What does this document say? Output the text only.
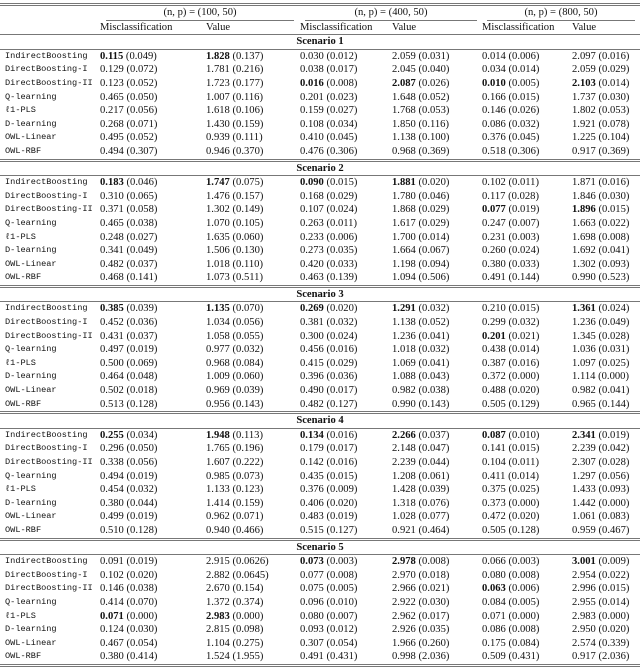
	(n, p) = (100, 50)		(n, p) = (400, 50)		(n, p) = (800, 50)	
	Misclassification	Value	Misclassification	Value	Misclassification	Value
Scenario 1						
IndirectBoosting	0.115 (0.049)	1.828 (0.137)	0.030 (0.012)	2.059 (0.031)	0.014 (0.006)	2.097 (0.016)
DirectBoosting-I	0.129 (0.072)	1.781 (0.216)	0.038 (0.017)	2.045 (0.040)	0.034 (0.014)	2.059 (0.029)
DirectBoosting-II	0.123 (0.052)	1.723 (0.177)	0.016 (0.008)	2.087 (0.026)	0.010 (0.005)	2.103 (0.014)
Q-learning	0.465 (0.050)	1.007 (0.116)	0.201 (0.023)	1.648 (0.052)	0.166 (0.015)	1.737 (0.030)
ℓ1-PLS	0.217 (0.056)	1.618 (0.106)	0.159 (0.027)	1.768 (0.053)	0.146 (0.026)	1.802 (0.053)
D-learning	0.268 (0.071)	1.430 (0.159)	0.108 (0.034)	1.850 (0.116)	0.086 (0.032)	1.921 (0.078)
OWL-Linear	0.495 (0.052)	0.939 (0.111)	0.410 (0.045)	1.138 (0.100)	0.376 (0.045)	1.225 (0.104)
OWL-RBF	0.494 (0.307)	0.946 (0.370)	0.476 (0.306)	0.968 (0.369)	0.518 (0.306)	0.917 (0.369)
Scenario 2						
IndirectBoosting	0.183 (0.046)	1.747 (0.075)	0.090 (0.015)	1.881 (0.020)	0.102 (0.011)	1.871 (0.016)
DirectBoosting-I	0.310 (0.065)	1.476 (0.157)	0.168 (0.029)	1.780 (0.046)	0.117 (0.028)	1.846 (0.030)
DirectBoosting-II	0.371 (0.058)	1.302 (0.149)	0.107 (0.024)	1.868 (0.029)	0.077 (0.019)	1.896 (0.015)
Q-learning	0.465 (0.038)	1.070 (0.105)	0.263 (0.011)	1.617 (0.029)	0.247 (0.007)	1.663 (0.022)
ℓ1-PLS	0.248 (0.027)	1.635 (0.060)	0.233 (0.006)	1.700 (0.014)	0.231 (0.003)	1.698 (0.008)
D-learning	0.341 (0.049)	1.506 (0.130)	0.273 (0.035)	1.664 (0.067)	0.260 (0.024)	1.692 (0.041)
OWL-Linear	0.482 (0.037)	1.018 (0.110)	0.420 (0.033)	1.198 (0.094)	0.380 (0.033)	1.302 (0.093)
OWL-RBF	0.468 (0.141)	1.073 (0.511)	0.463 (0.139)	1.094 (0.506)	0.491 (0.144)	0.990 (0.523)
Scenario 3						
IndirectBoosting	0.385 (0.039)	1.135 (0.070)	0.269 (0.020)	1.291 (0.032)	0.210 (0.015)	1.361 (0.024)
DirectBoosting-I	0.452 (0.036)	1.034 (0.056)	0.381 (0.032)	1.138 (0.052)	0.299 (0.032)	1.236 (0.049)
DirectBoosting-II	0.431 (0.037)	1.058 (0.055)	0.300 (0.024)	1.236 (0.041)	0.201 (0.021)	1.345 (0.028)
Q-learning	0.497 (0.019)	0.977 (0.032)	0.456 (0.016)	1.018 (0.032)	0.438 (0.014)	1.036 (0.031)
ℓ1-PLS	0.500 (0.069)	0.968 (0.084)	0.415 (0.029)	1.069 (0.041)	0.387 (0.016)	1.097 (0.025)
D-learning	0.464 (0.048)	1.009 (0.060)	0.396 (0.036)	1.088 (0.043)	0.372 (0.000)	1.114 (0.000)
OWL-Linear	0.502 (0.018)	0.969 (0.039)	0.490 (0.017)	0.982 (0.038)	0.488 (0.020)	0.982 (0.041)
OWL-RBF	0.513 (0.128)	0.956 (0.143)	0.482 (0.127)	0.990 (0.143)	0.505 (0.129)	0.965 (0.144)
Scenario 4						
IndirectBoosting	0.255 (0.034)	1.948 (0.113)	0.134 (0.016)	2.266 (0.037)	0.087 (0.010)	2.341 (0.019)
DirectBoosting-I	0.296 (0.050)	1.765 (0.196)	0.179 (0.017)	2.148 (0.047)	0.141 (0.015)	2.239 (0.042)
DirectBoosting-II	0.338 (0.056)	1.607 (0.222)	0.142 (0.016)	2.239 (0.044)	0.104 (0.011)	2.307 (0.028)
Q-learning	0.494 (0.019)	0.985 (0.073)	0.435 (0.015)	1.208 (0.061)	0.411 (0.014)	1.297 (0.056)
ℓ1-PLS	0.454 (0.032)	1.133 (0.123)	0.376 (0.009)	1.428 (0.039)	0.375 (0.025)	1.433 (0.093)
D-learning	0.380 (0.044)	1.414 (0.159)	0.406 (0.020)	1.318 (0.076)	0.373 (0.000)	1.442 (0.000)
OWL-Linear	0.499 (0.019)	0.962 (0.071)	0.483 (0.019)	1.028 (0.077)	0.472 (0.020)	1.061 (0.083)
OWL-RBF	0.510 (0.128)	0.940 (0.466)	0.515 (0.127)	0.921 (0.464)	0.505 (0.128)	0.959 (0.467)
Scenario 5						
IndirectBoosting	0.091 (0.019)	2.915 (0.0626)	0.073 (0.003)	2.978 (0.008)	0.066 (0.003)	3.001 (0.009)
DirectBoosting-I	0.102 (0.020)	2.882 (0.0645)	0.077 (0.008)	2.970 (0.018)	0.080 (0.008)	2.954 (0.022)
DirectBoosting-II	0.146 (0.038)	2.670 (0.154)	0.075 (0.005)	2.966 (0.021)	0.063 (0.006)	2.996 (0.015)
Q-learning	0.414 (0.070)	1.372 (0.374)	0.096 (0.010)	2.922 (0.030)	0.084 (0.005)	2.955 (0.014)
ℓ1-PLS	0.071 (0.000)	2.983 (0.000)	0.080 (0.007)	2.962 (0.017)	0.071 (0.000)	2.983 (0.000)
D-learning	0.124 (0.030)	2.815 (0.098)	0.093 (0.012)	2.926 (0.035)	0.086 (0.008)	2.950 (0.020)
OWL-Linear	0.467 (0.054)	1.104 (0.275)	0.307 (0.054)	1.966 (0.260)	0.175 (0.084)	2.574 (0.339)
OWL-RBF	0.380 (0.414)	1.524 (1.955)	0.491 (0.431)	0.998 (2.036)	0.509 (0.431)	0.917 (2.036)
